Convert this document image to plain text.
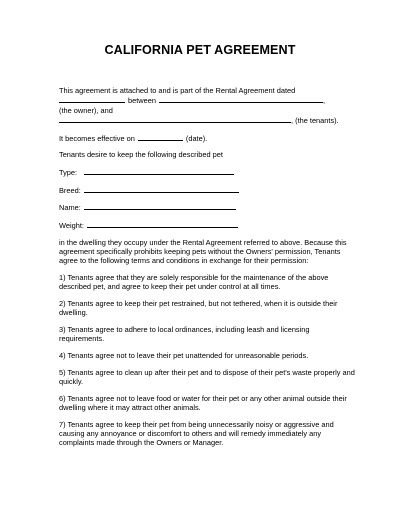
CALIFORNIA PET AGREEMENT

This agreement is attached to and is part of the Rental Agreement dated

between	,

(the owner), and

, (the tenants).

It becomes effective on	(date).

Tenants desire to keep the following described pet

Type:

Breed:

Name:

Weight:

in the dwelling they occupy under the Rental Agreement referred to above. Because this agreement specifically prohibits keeping pets without the Owners' permission, Tenants agree to the following terms and conditions in exchange for their permission:

1) Tenants agree that they are solely responsible for the maintenance of the above described pet, and agree to keep their pet under control at all times.

2) Tenants agree to keep their pet restrained, but not tethered, when it is outside their dwelling.

3) Tenants agree to adhere to local ordinances, including leash and licensing requirements.

4) Tenants agree not to leave their pet unattended for unreasonable periods.

5) Tenants agree to clean up after their pet and to dispose of their pet's waste properly and quickly.

6) Tenants agree not to leave food or water for their pet or any other animal outside their dwelling where it may attract other animals.

7) Tenants agree to keep their pet from being unnecessarily noisy or aggressive and causing any annoyance or discomfort to others and will remedy immediately any complaints made through the Owners or Manager.
